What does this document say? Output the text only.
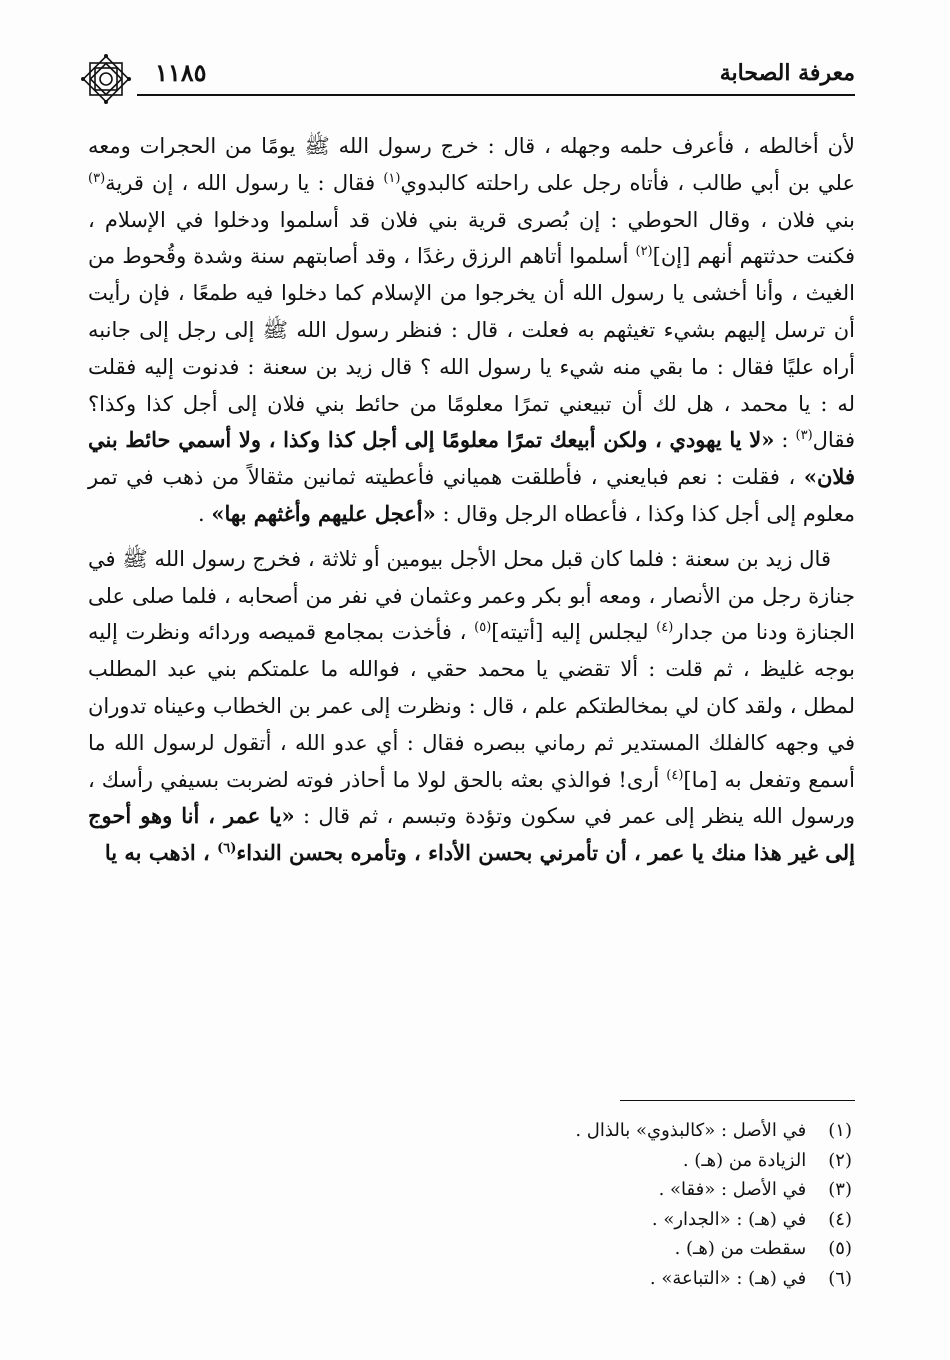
معرفة الصحابة
١١٨٥

لأن أخالطه ، فأعرف حلمه وجهله ، قال : خرج رسول الله ﷺ يومًا من الحجرات ومعه علي بن أبي طالب ، فأتاه رجل على راحلته كالبدوي$^{(١)}$ فقال : يا رسول الله ، إن قرية$^{(٣)}$ بني فلان ، وقال الحوطي : إن بُصرى قرية بني فلان قد أسلموا ودخلوا في الإسلام ، فكنت حدثتهم أنهم [إن]$^{(٢)}$ أسلموا أتاهم الرزق رغدًا ، وقد أصابتهم سنة وشدة وقُحوط من الغيث ، وأنا أخشى يا رسول الله أن يخرجوا من الإسلام كما دخلوا فيه طمعًا ، فإن رأيت أن ترسل إليهم بشيء تغيثهم به فعلت ، قال : فنظر رسول الله ﷺ إلى رجل إلى جانبه أراه عليًا فقال : ما بقي منه شيء يا رسول الله ؟ قال زيد بن سعنة : فدنوت إليه فقلت له : يا محمد ، هل لك أن تبيعني تمرًا معلومًا من حائط بني فلان إلى أجل كذا وكذا؟ فقال$^{(٣)}$ : «لا يا يهودي ، ولكن أبيعك تمرًا معلومًا إلى أجل كذا وكذا ، ولا أسمي حائط بني فلان» ، فقلت : نعم فبايعني ، فأطلقت همياني فأعطيته ثمانين مثقالاً من ذهب في تمر معلوم إلى أجل كذا وكذا ، فأعطاه الرجل وقال : «أعجل عليهم وأغثهم بها» .

قال زيد بن سعنة : فلما كان قبل محل الأجل بيومين أو ثلاثة ، فخرج رسول الله ﷺ في جنازة رجل من الأنصار ، ومعه أبو بكر وعمر وعثمان في نفر من أصحابه ، فلما صلى على الجنازة ودنا من جدار$^{(٤)}$ ليجلس إليه [أتيته]$^{(٥)}$ ، فأخذت بمجامع قميصه وردائه ونظرت إليه بوجه غليظ ، ثم قلت : ألا تقضي يا محمد حقي ، فوالله ما علمتكم بني عبد المطلب لمطل ، ولقد كان لي بمخالطتكم علم ، قال : ونظرت إلى عمر بن الخطاب وعيناه تدوران في وجهه كالفلك المستدير ثم رماني ببصره فقال : أي عدو الله ، أتقول لرسول الله ما أسمع وتفعل به [ما]$^{(٤)}$ أرى! فوالذي بعثه بالحق لولا ما أحاذر فوته لضربت بسيفي رأسك ، ورسول الله ينظر إلى عمر في سكون وتؤدة وتبسم ، ثم قال : «يا عمر ، أنا وهو أحوج إلى غير هذا منك يا عمر ، أن تأمرني بحسن الأداء ، وتأمره بحسن النداء$^{(٦)}$ ، اذهب به يا

(١) في الأصل : «كالبذوي» بالذال .
(٢) الزيادة من (هـ) .
(٣) في الأصل : «فقا» .
(٤) في (هـ) : «الجدار» .
(٥) سقطت من (هـ) .
(٦) في (هـ) : «التباعة» .
